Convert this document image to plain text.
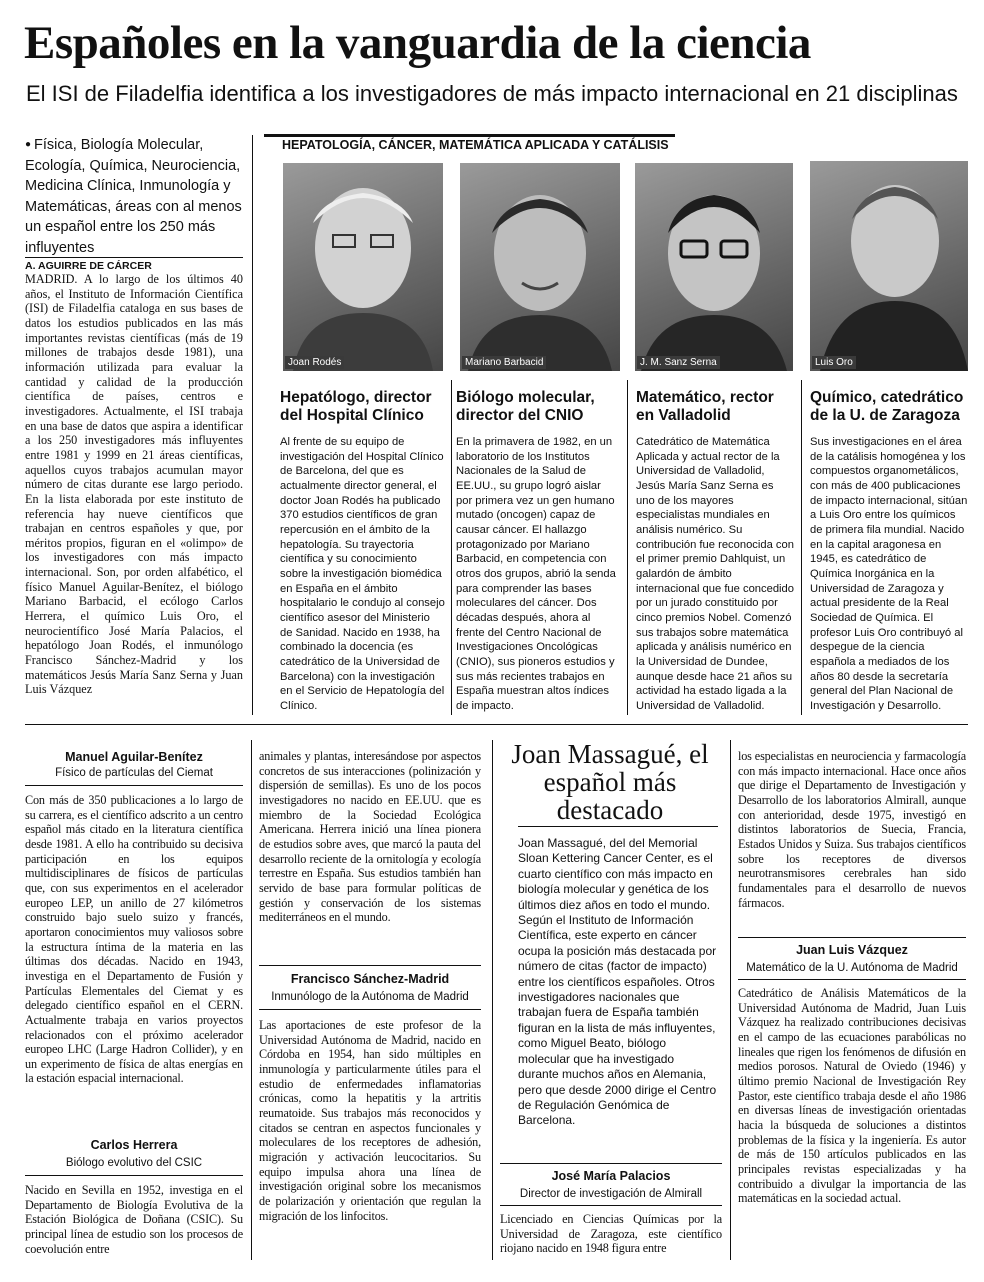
Españoles en la vanguardia de la ciencia
El ISI de Filadelfia identifica a los investigadores de más impacto internacional en 21 disciplinas
● Física, Biología Molecular, Ecología, Química, Neurociencia, Medicina Clínica, Inmunología y Matemáticas, áreas con al menos un español entre los 250 más influyentes
A. AGUIRRE DE CÁRCER
MADRID. A lo largo de los últimos 40 años, el Instituto de Información Científica (ISI) de Filadelfia cataloga en sus bases de datos los estudios publicados en las más importantes revistas científicas (más de 19 millones de trabajos desde 1981), una información utilizada para evaluar la cantidad y calidad de la producción científica de países, centros e investigadores. Actualmente, el ISI trabaja en una base de datos que aspira a identificar a los 250 investigadores más influyentes entre 1981 y 1999 en 21 áreas científicas, aquellos cuyos trabajos acumulan mayor número de citas durante ese largo periodo. En la lista elaborada por este instituto de referencia hay nueve científicos que trabajan en centros españoles y que, por méritos propios, figuran en el «olimpo» de los investigadores con más impacto internacional. Son, por orden alfabético, el físico Manuel Aguilar-Benítez, el biólogo Mariano Barbacid, el ecólogo Carlos Herrera, el químico Luis Oro, el neurocientífico José María Palacios, el hepatólogo Joan Rodés, el inmunólogo Francisco Sánchez-Madrid y los matemáticos Jesús María Sanz Serna y Juan Luis Vázquez
HEPATOLOGÍA, CÁNCER, MATEMÁTICA APLICADA Y CATÁLISIS
Joan Rodés	Mariano Barbacid	J. M. Sanz Serna	Luis Oro
Hepatólogo, director del Hospital Clínico
Al frente de su equipo de investigación del Hospital Clínico de Barcelona, del que es actualmente director general, el doctor Joan Rodés ha publicado 370 estudios científicos de gran repercusión en el ámbito de la hepatología. Su trayectoria científica y su conocimiento sobre la investigación biomédica en España en el ámbito hospitalario le condujo al consejo científico asesor del Ministerio de Sanidad. Nacido en 1938, ha combinado la docencia (es catedrático de la Universidad de Barcelona) con la investigación en el Servicio de Hepatología del Clínico.
Biólogo molecular, director del CNIO
En la primavera de 1982, en un laboratorio de los Institutos Nacionales de la Salud de EE.UU., su grupo logró aislar por primera vez un gen humano mutado (oncogen) capaz de causar cáncer. El hallazgo protagonizado por Mariano Barbacid, en competencia con otros dos grupos, abrió la senda para comprender las bases moleculares del cáncer. Dos décadas después, ahora al frente del Centro Nacional de Investigaciones Oncológicas (CNIO), sus pioneros estudios y sus más recientes trabajos en España muestran altos índices de impacto.
Matemático, rector en Valladolid
Catedrático de Matemática Aplicada y actual rector de la Universidad de Valladolid, Jesús María Sanz Serna es uno de los mayores especialistas mundiales en análisis numérico. Su contribución fue reconocida con el primer premio Dahlquist, un galardón de ámbito internacional que fue concedido por un jurado constituido por cinco premios Nobel. Comenzó sus trabajos sobre matemática aplicada y análisis numérico en la Universidad de Dundee, aunque desde hace 21 años su actividad ha estado ligada a la Universidad de Valladolid.
Químico, catedrático de la U. de Zaragoza
Sus investigaciones en el área de la catálisis homogénea y los compuestos organometálicos, con más de 400 publicaciones de impacto internacional, sitúan a Luis Oro entre los químicos de primera fila mundial. Nacido en la capital aragonesa en 1945, es catedrático de Química Inorgánica en la Universidad de Zaragoza y actual presidente de la Real Sociedad de Química. El profesor Luis Oro contribuyó al despegue de la ciencia española a mediados de los años 80 desde la secretaría general del Plan Nacional de Investigación y Desarrollo.
Manuel Aguilar-Benítez
Físico de partículas del Ciemat
Con más de 350 publicaciones a lo largo de su carrera, es el científico adscrito a un centro español más citado en la literatura científica desde 1981. A ello ha contribuido su decisiva participación en los equipos multidisciplinares de físicos de partículas que, con sus experimentos en el acelerador europeo LEP, un anillo de 27 kilómetros construido bajo suelo suizo y francés, aportaron conocimientos muy valiosos sobre la estructura íntima de la materia en las últimas dos décadas. Nacido en 1943, investiga en el Departamento de Fusión y Partículas Elementales del Ciemat y es delegado científico español en el CERN. Actualmente trabaja en varios proyectos relacionados con el próximo acelerador europeo LHC (Large Hadron Collider), y en un experimento de física de altas energías en la estación espacial internacional.
Carlos Herrera
Biólogo evolutivo del CSIC
Nacido en Sevilla en 1952, investiga en el Departamento de Biología Evolutiva de la Estación Biológica de Doñana (CSIC). Su principal línea de estudio son los procesos de coevolución entre
animales y plantas, interesándose por aspectos concretos de sus interacciones (polinización y dispersión de semillas). Es uno de los pocos investigadores no nacido en EE.UU. que es miembro de la Sociedad Ecológica Americana. Herrera inició una línea pionera de estudios sobre aves, que marcó la pauta del desarrollo reciente de la ornitología y ecología terrestre en España. Sus estudios también han servido de base para formular políticas de gestión y conservación de los sistemas mediterráneos en el mundo.
Francisco Sánchez-Madrid
Inmunólogo de la Autónoma de Madrid
Las aportaciones de este profesor de la Universidad Autónoma de Madrid, nacido en Córdoba en 1954, han sido múltiples en inmunología y particularmente útiles para el estudio de enfermedades inflamatorias crónicas, como la hepatitis y la artritis reumatoide. Sus trabajos más reconocidos y citados se centran en aspectos funcionales y moleculares de los receptores de adhesión, migración y activación leucocitarios. Su equipo impulsa ahora una línea de investigación original sobre los mecanismos de polarización y orientación que regulan la migración de los linfocitos.
Joan Massagué, el español más destacado
Joan Massagué, del del Memorial Sloan Kettering Cancer Center, es el cuarto científico con más impacto en biología molecular y genética de los últimos diez años en todo el mundo. Según el Instituto de Información Científica, este experto en cáncer ocupa la posición más destacada por número de citas (factor de impacto) entre los científicos españoles. Otros investigadores nacionales que trabajan fuera de España también figuran en la lista de más influyentes, como Miguel Beato, biólogo molecular que ha investigado durante muchos años en Alemania, pero que desde 2000 dirige el Centro de Regulación Genómica de Barcelona.
José María Palacios
Director de investigación de Almirall
Licenciado en Ciencias Químicas por la Universidad de Zaragoza, este científico riojano nacido en 1948 figura entre
los especialistas en neurociencia y farmacología con más impacto internacional. Hace once años que dirige el Departamento de Investigación y Desarrollo de los laboratorios Almirall, aunque con anterioridad, desde 1975, investigó en distintos laboratorios de Suecia, Francia, Estados Unidos y Suiza. Sus trabajos científicos sobre los receptores de diversos neurotransmisores cerebrales han sido fundamentales para el desarrollo de nuevos fármacos.
Juan Luis Vázquez
Matemático de la U. Autónoma de Madrid
Catedrático de Análisis Matemáticos de la Universidad Autónoma de Madrid, Juan Luis Vázquez ha realizado contribuciones decisivas en el campo de las ecuaciones parabólicas no lineales que rigen los fenómenos de difusión en medios porosos. Natural de Oviedo (1946) y último premio Nacional de Investigación Rey Pastor, este científico trabaja desde el año 1986 en diversas líneas de investigación orientadas hacia la búsqueda de soluciones a distintos problemas de la física y la ingeniería. Es autor de más de 150 artículos publicados en las principales revistas especializadas y ha contribuido a divulgar la importancia de las matemáticas en la sociedad actual.
